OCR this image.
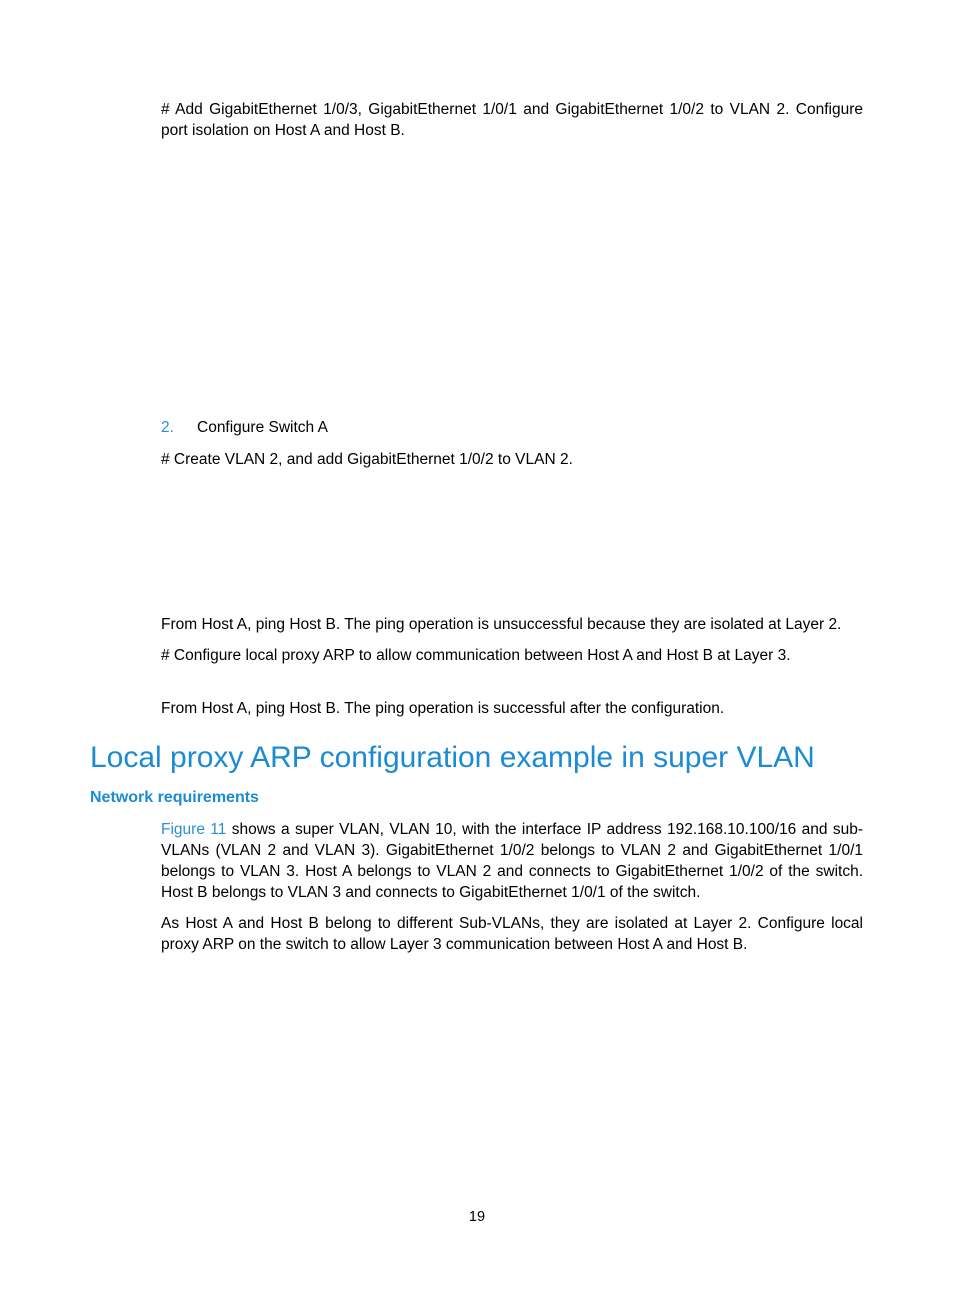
# Add GigabitEthernet 1/0/3, GigabitEthernet 1/0/1 and GigabitEthernet 1/0/2 to VLAN 2. Configure port isolation on Host A and Host B.

2. Configure Switch A

# Create VLAN 2, and add GigabitEthernet 1/0/2 to VLAN 2.

From Host A, ping Host B. The ping operation is unsuccessful because they are isolated at Layer 2.

# Configure local proxy ARP to allow communication between Host A and Host B at Layer 3.

From Host A, ping Host B. The ping operation is successful after the configuration.

Local proxy ARP configuration example in super VLAN
Network requirements

Figure 11 shows a super VLAN, VLAN 10, with the interface IP address 192.168.10.100/16 and sub-VLANs (VLAN 2 and VLAN 3). GigabitEthernet 1/0/2 belongs to VLAN 2 and GigabitEthernet 1/0/1 belongs to VLAN 3. Host A belongs to VLAN 2 and connects to GigabitEthernet 1/0/2 of the switch. Host B belongs to VLAN 3 and connects to GigabitEthernet 1/0/1 of the switch.

As Host A and Host B belong to different Sub-VLANs, they are isolated at Layer 2. Configure local proxy ARP on the switch to allow Layer 3 communication between Host A and Host B.

19
